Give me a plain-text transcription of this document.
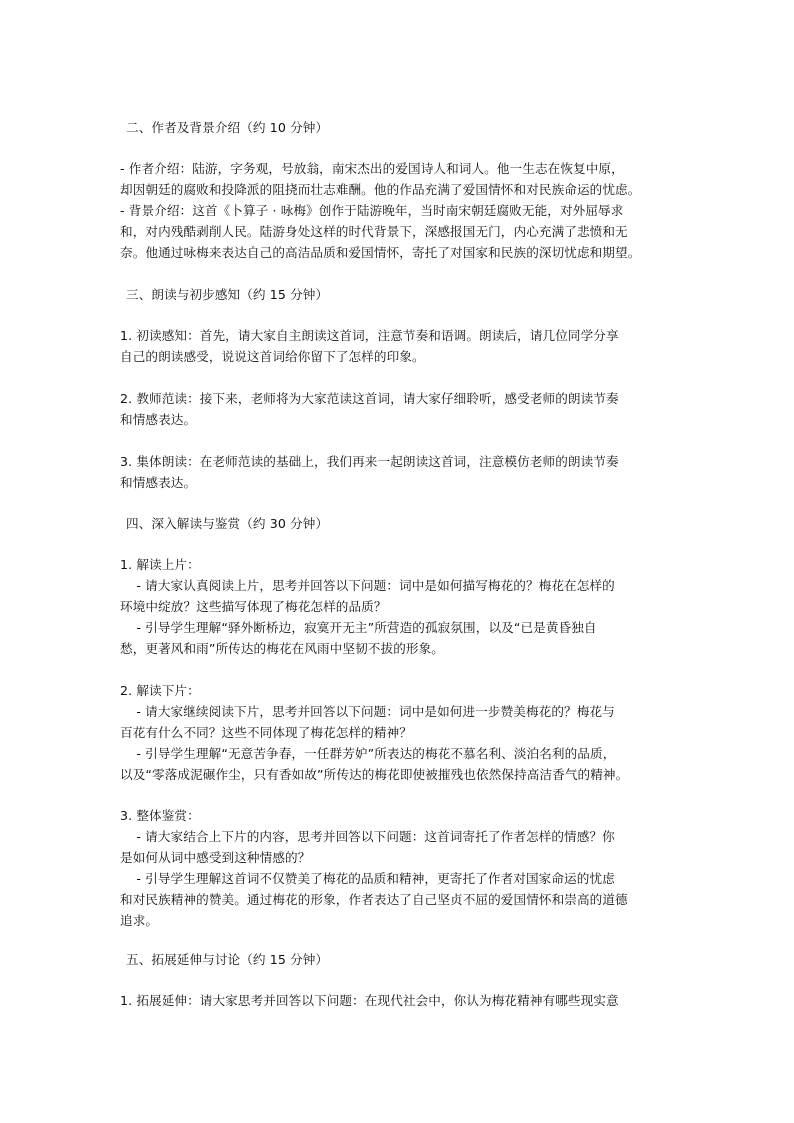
二、作者及背景介绍（约 10 分钟）
- 作者介绍：陆游，字务观，号放翁，南宋杰出的爱国诗人和词人。他一生志在恢复中原，
却因朝廷的腐败和投降派的阻挠而壮志难酬。他的作品充满了爱国情怀和对民族命运的忧虑。
- 背景介绍：这首《卜算子 · 咏梅》创作于陆游晚年，当时南宋朝廷腐败无能，对外屈辱求
和，对内残酷剥削人民。陆游身处这样的时代背景下，深感报国无门，内心充满了悲愤和无
奈。他通过咏梅来表达自己的高洁品质和爱国情怀，寄托了对国家和民族的深切忧虑和期望。
三、朗读与初步感知（约 15 分钟）
1. 初读感知：首先，请大家自主朗读这首词，注意节奏和语调。朗读后，请几位同学分享
自己的朗读感受，说说这首词给你留下了怎样的印象。
2. 教师范读：接下来，老师将为大家范读这首词，请大家仔细聆听，感受老师的朗读节奏
和情感表达。
3. 集体朗读：在老师范读的基础上，我们再来一起朗读这首词，注意模仿老师的朗读节奏
和情感表达。
四、深入解读与鉴赏（约 30 分钟）
1. 解读上片：
- 请大家认真阅读上片，思考并回答以下问题：词中是如何描写梅花的？梅花在怎样的
环境中绽放？这些描写体现了梅花怎样的品质？
- 引导学生理解“驿外断桥边，寂寞开无主”所营造的孤寂氛围，以及“已是黄昏独自
愁，更著风和雨”所传达的梅花在风雨中坚韧不拔的形象。
2. 解读下片：
- 请大家继续阅读下片，思考并回答以下问题：词中是如何进一步赞美梅花的？梅花与
百花有什么不同？这些不同体现了梅花怎样的精神？
- 引导学生理解“无意苦争春，一任群芳妒”所表达的梅花不慕名利、淡泊名利的品质，
以及“零落成泥碾作尘，只有香如故”所传达的梅花即使被摧残也依然保持高洁香气的精神。
3. 整体鉴赏：
- 请大家结合上下片的内容，思考并回答以下问题：这首词寄托了作者怎样的情感？你
是如何从词中感受到这种情感的？
- 引导学生理解这首词不仅赞美了梅花的品质和精神，更寄托了作者对国家命运的忧虑
和对民族精神的赞美。通过梅花的形象，作者表达了自己坚贞不屈的爱国情怀和崇高的道德
追求。
五、拓展延伸与讨论（约 15 分钟）
1. 拓展延伸：请大家思考并回答以下问题：在现代社会中，你认为梅花精神有哪些现实意
